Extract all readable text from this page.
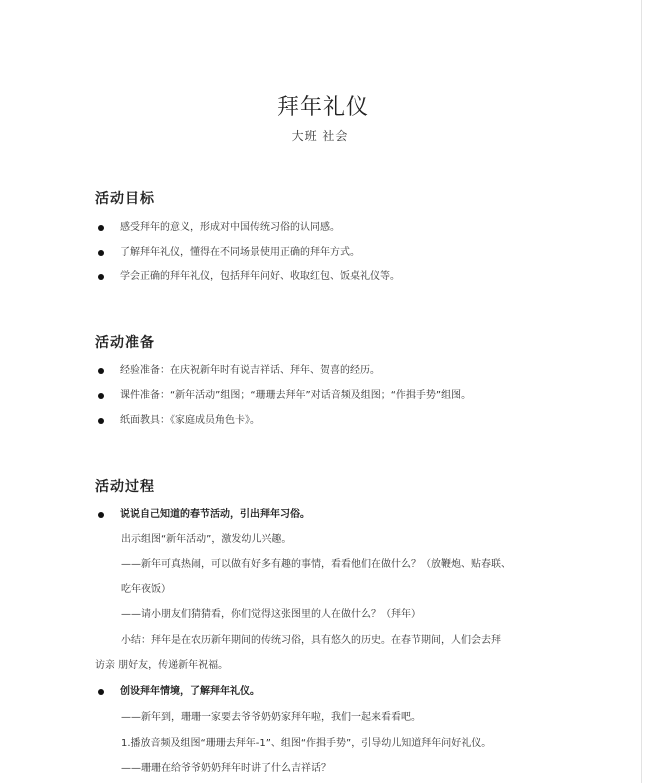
拜年礼仪
大班 社会
活动目标
感受拜年的意义，形成对中国传统习俗的认同感。
了解拜年礼仪，懂得在不同场景使用正确的拜年方式。
学会正确的拜年礼仪，包括拜年问好、收取红包、饭桌礼仪等。
活动准备
经验准备：在庆祝新年时有说吉祥话、拜年、贺喜的经历。
课件准备：“新年活动”组图；“珊珊去拜年”对话音频及组图；“作揖手势”组图。
纸面教具：《家庭成员角色卡》。
活动过程
说说自己知道的春节活动，引出拜年习俗。
出示组图“新年活动”，激发幼儿兴趣。
——新年可真热闹，可以做有好多有趣的事情，看看他们在做什么？（放鞭炮、贴春联、
吃年夜饭）
——请小朋友们猜猜看，你们觉得这张图里的人在做什么？（拜年）
小结：拜年是在农历新年期间的传统习俗，具有悠久的历史。在春节期间，人们会去拜
访亲 朋好友，传递新年祝福。
创设拜年情境，了解拜年礼仪。
——新年到，珊珊一家要去爷爷奶奶家拜年啦，我们一起来看看吧。
1.播放音频及组图“珊珊去拜年-1”、组图“作揖手势”，引导幼儿知道拜年问好礼仪。
——珊珊在给爷爷奶奶拜年时讲了什么吉祥话？
